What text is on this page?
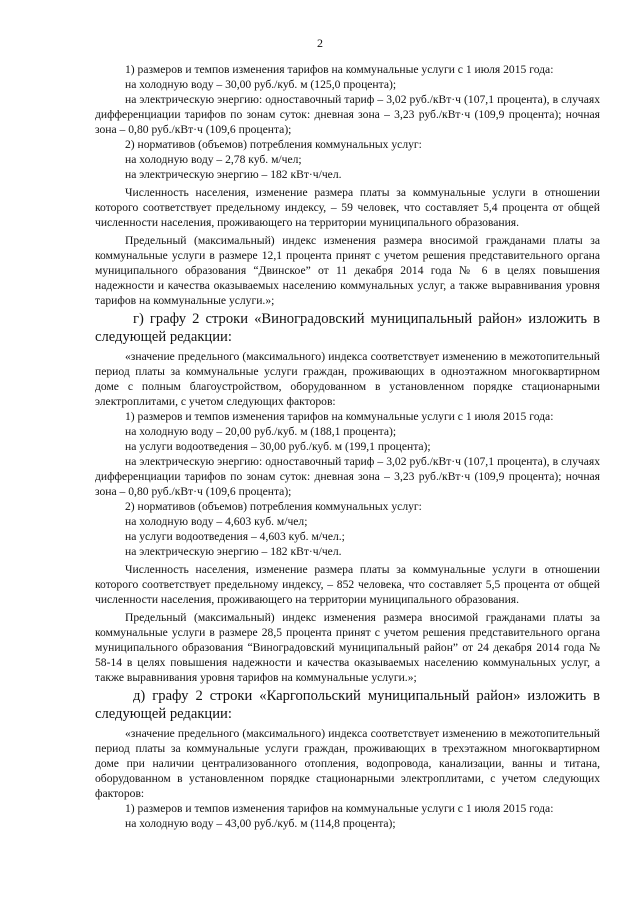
2

1) размеров и темпов изменения тарифов на коммунальные услуги с 1 июля 2015 года:

на холодную воду – 30,00 руб./куб. м (125,0 процента);

на электрическую энергию: одноставочный тариф – 3,02 руб./кВт·ч (107,1 процента), в случаях дифференциации тарифов по зонам суток: дневная зона – 3,23 руб./кВт·ч (109,9 процента); ночная зона – 0,80 руб./кВт·ч (109,6 процента);

2) нормативов (объемов) потребления коммунальных услуг:

на холодную воду – 2,78 куб. м/чел;

на электрическую энергию – 182 кВт·ч/чел.

Численность населения, изменение размера платы за коммунальные услуги в отношении которого соответствует предельному индексу, – 59 человек, что составляет 5,4 процента от общей численности населения, проживающего на территории муниципального образования.

Предельный (максимальный) индекс изменения размера вносимой гражданами платы за коммунальные услуги в размере 12,1 процента принят с учетом решения представительного органа муниципального образования “Двинское” от 11 декабря 2014 года № 6 в целях повышения надежности и качества оказываемых населению коммунальных услуг, а также выравнивания уровня тарифов на коммунальные услуги.»;

г) графу 2 строки «Виноградовский муниципальный район» изложить в следующей редакции:

«значение предельного (максимального) индекса соответствует изменению в межотопительный период платы за коммунальные услуги граждан, проживающих в одноэтажном многоквартирном доме с полным благоустройством, оборудованном в установленном порядке стационарными электроплитами, с учетом следующих факторов:

1) размеров и темпов изменения тарифов на коммунальные услуги с 1 июля 2015 года:

на холодную воду – 20,00 руб./куб. м (188,1 процента);

на услуги водоотведения – 30,00 руб./куб. м (199,1 процента);

на электрическую энергию: одноставочный тариф – 3,02 руб./кВт·ч (107,1 процента), в случаях дифференциации тарифов по зонам суток: дневная зона – 3,23 руб./кВт·ч (109,9 процента); ночная зона – 0,80 руб./кВт·ч (109,6 процента);

2) нормативов (объемов) потребления коммунальных услуг:

на холодную воду – 4,603 куб. м/чел;

на услуги водоотведения – 4,603 куб. м/чел.;

на электрическую энергию – 182 кВт·ч/чел.

Численность населения, изменение размера платы за коммунальные услуги в отношении которого соответствует предельному индексу, – 852 человека, что составляет 5,5 процента от общей численности населения, проживающего на территории муниципального образования.

Предельный (максимальный) индекс изменения размера вносимой гражданами платы за коммунальные услуги в размере 28,5 процента принят с учетом решения представительного органа муниципального образования “Виноградовский муниципальный район” от 24 декабря 2014 года № 58-14 в целях повышения надежности и качества оказываемых населению коммунальных услуг, а также выравнивания уровня тарифов на коммунальные услуги.»;

д) графу 2 строки «Каргопольский муниципальный район» изложить в следующей редакции:

«значение предельного (максимального) индекса соответствует изменению в межотопительный период платы за коммунальные услуги граждан, проживающих в трехэтажном многоквартирном доме при наличии централизованного отопления, водопровода, канализации, ванны и титана, оборудованном в установленном порядке стационарными электроплитами, с учетом следующих факторов:

1) размеров и темпов изменения тарифов на коммунальные услуги с 1 июля 2015 года:

на холодную воду – 43,00 руб./куб. м (114,8 процента);
